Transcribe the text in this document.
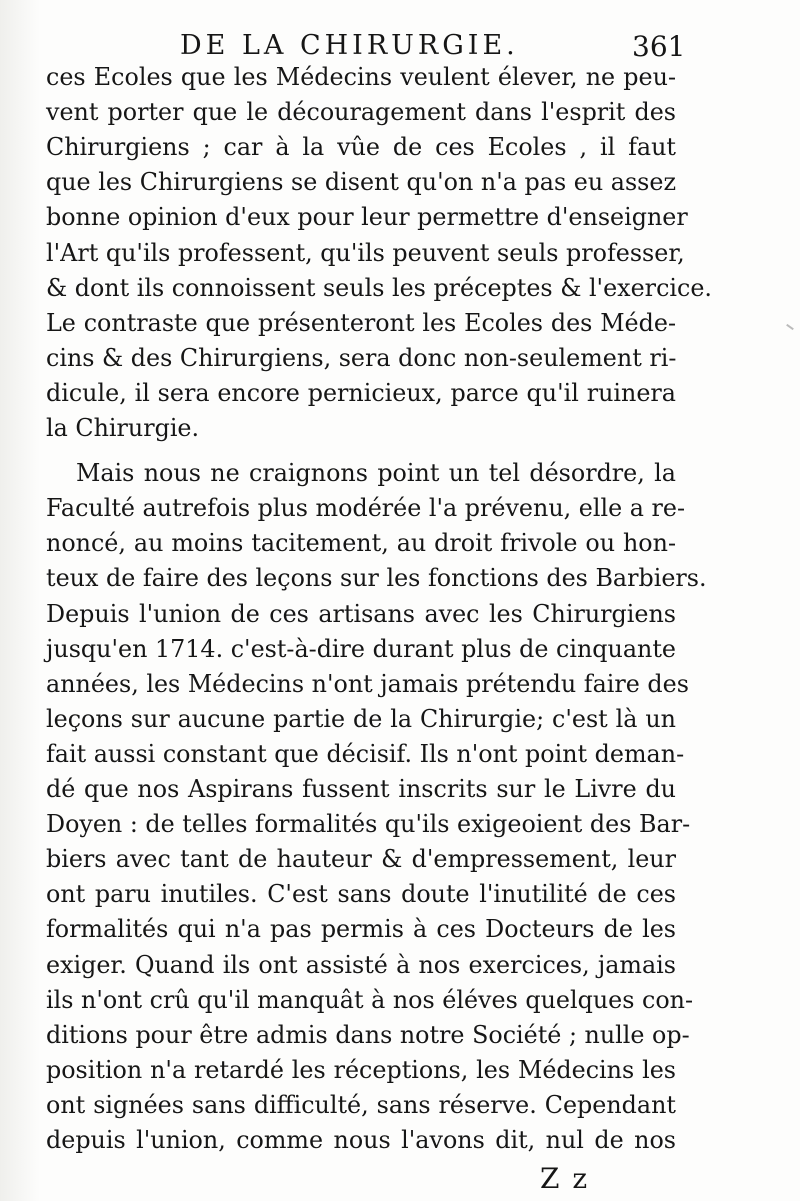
DE LA CHIRURGIE.	361
ces Ecoles que les Médecins veulent élever, ne peu-
vent porter que le découragement dans l'esprit des
Chirurgiens ; car à la vûe de ces Ecoles , il faut
que les Chirurgiens se disent qu'on n'a pas eu assez
bonne opinion d'eux pour leur permettre d'enseigner
l'Art qu'ils professent, qu'ils peuvent seuls professer,
& dont ils connoissent seuls les préceptes & l'exercice.
Le contraste que présenteront les Ecoles des Méde-
cins & des Chirurgiens, sera donc non-seulement ri-
dicule, il sera encore pernicieux, parce qu'il ruinera
la Chirurgie.
Mais nous ne craignons point un tel désordre, la
Faculté autrefois plus modérée l'a prévenu, elle a re-
noncé, au moins tacitement, au droit frivole ou hon-
teux de faire des leçons sur les fonctions des Barbiers.
Depuis l'union de ces artisans avec les Chirurgiens
jusqu'en 1714. c'est-à-dire durant plus de cinquante
années, les Médecins n'ont jamais prétendu faire des
leçons sur aucune partie de la Chirurgie; c'est là un
fait aussi constant que décisif. Ils n'ont point deman-
dé que nos Aspirans fussent inscrits sur le Livre du
Doyen : de telles formalités qu'ils exigeoient des Bar-
biers avec tant de hauteur & d'empressement, leur
ont paru inutiles. C'est sans doute l'inutilité de ces
formalités qui n'a pas permis à ces Docteurs de les
exiger. Quand ils ont assisté à nos exercices, jamais
ils n'ont crû qu'il manquât à nos éléves quelques con-
ditions pour être admis dans notre Société ; nulle op-
position n'a retardé les réceptions, les Médecins les
ont signées sans difficulté, sans réserve. Cependant
depuis l'union, comme nous l'avons dit, nul de nos
Z z
